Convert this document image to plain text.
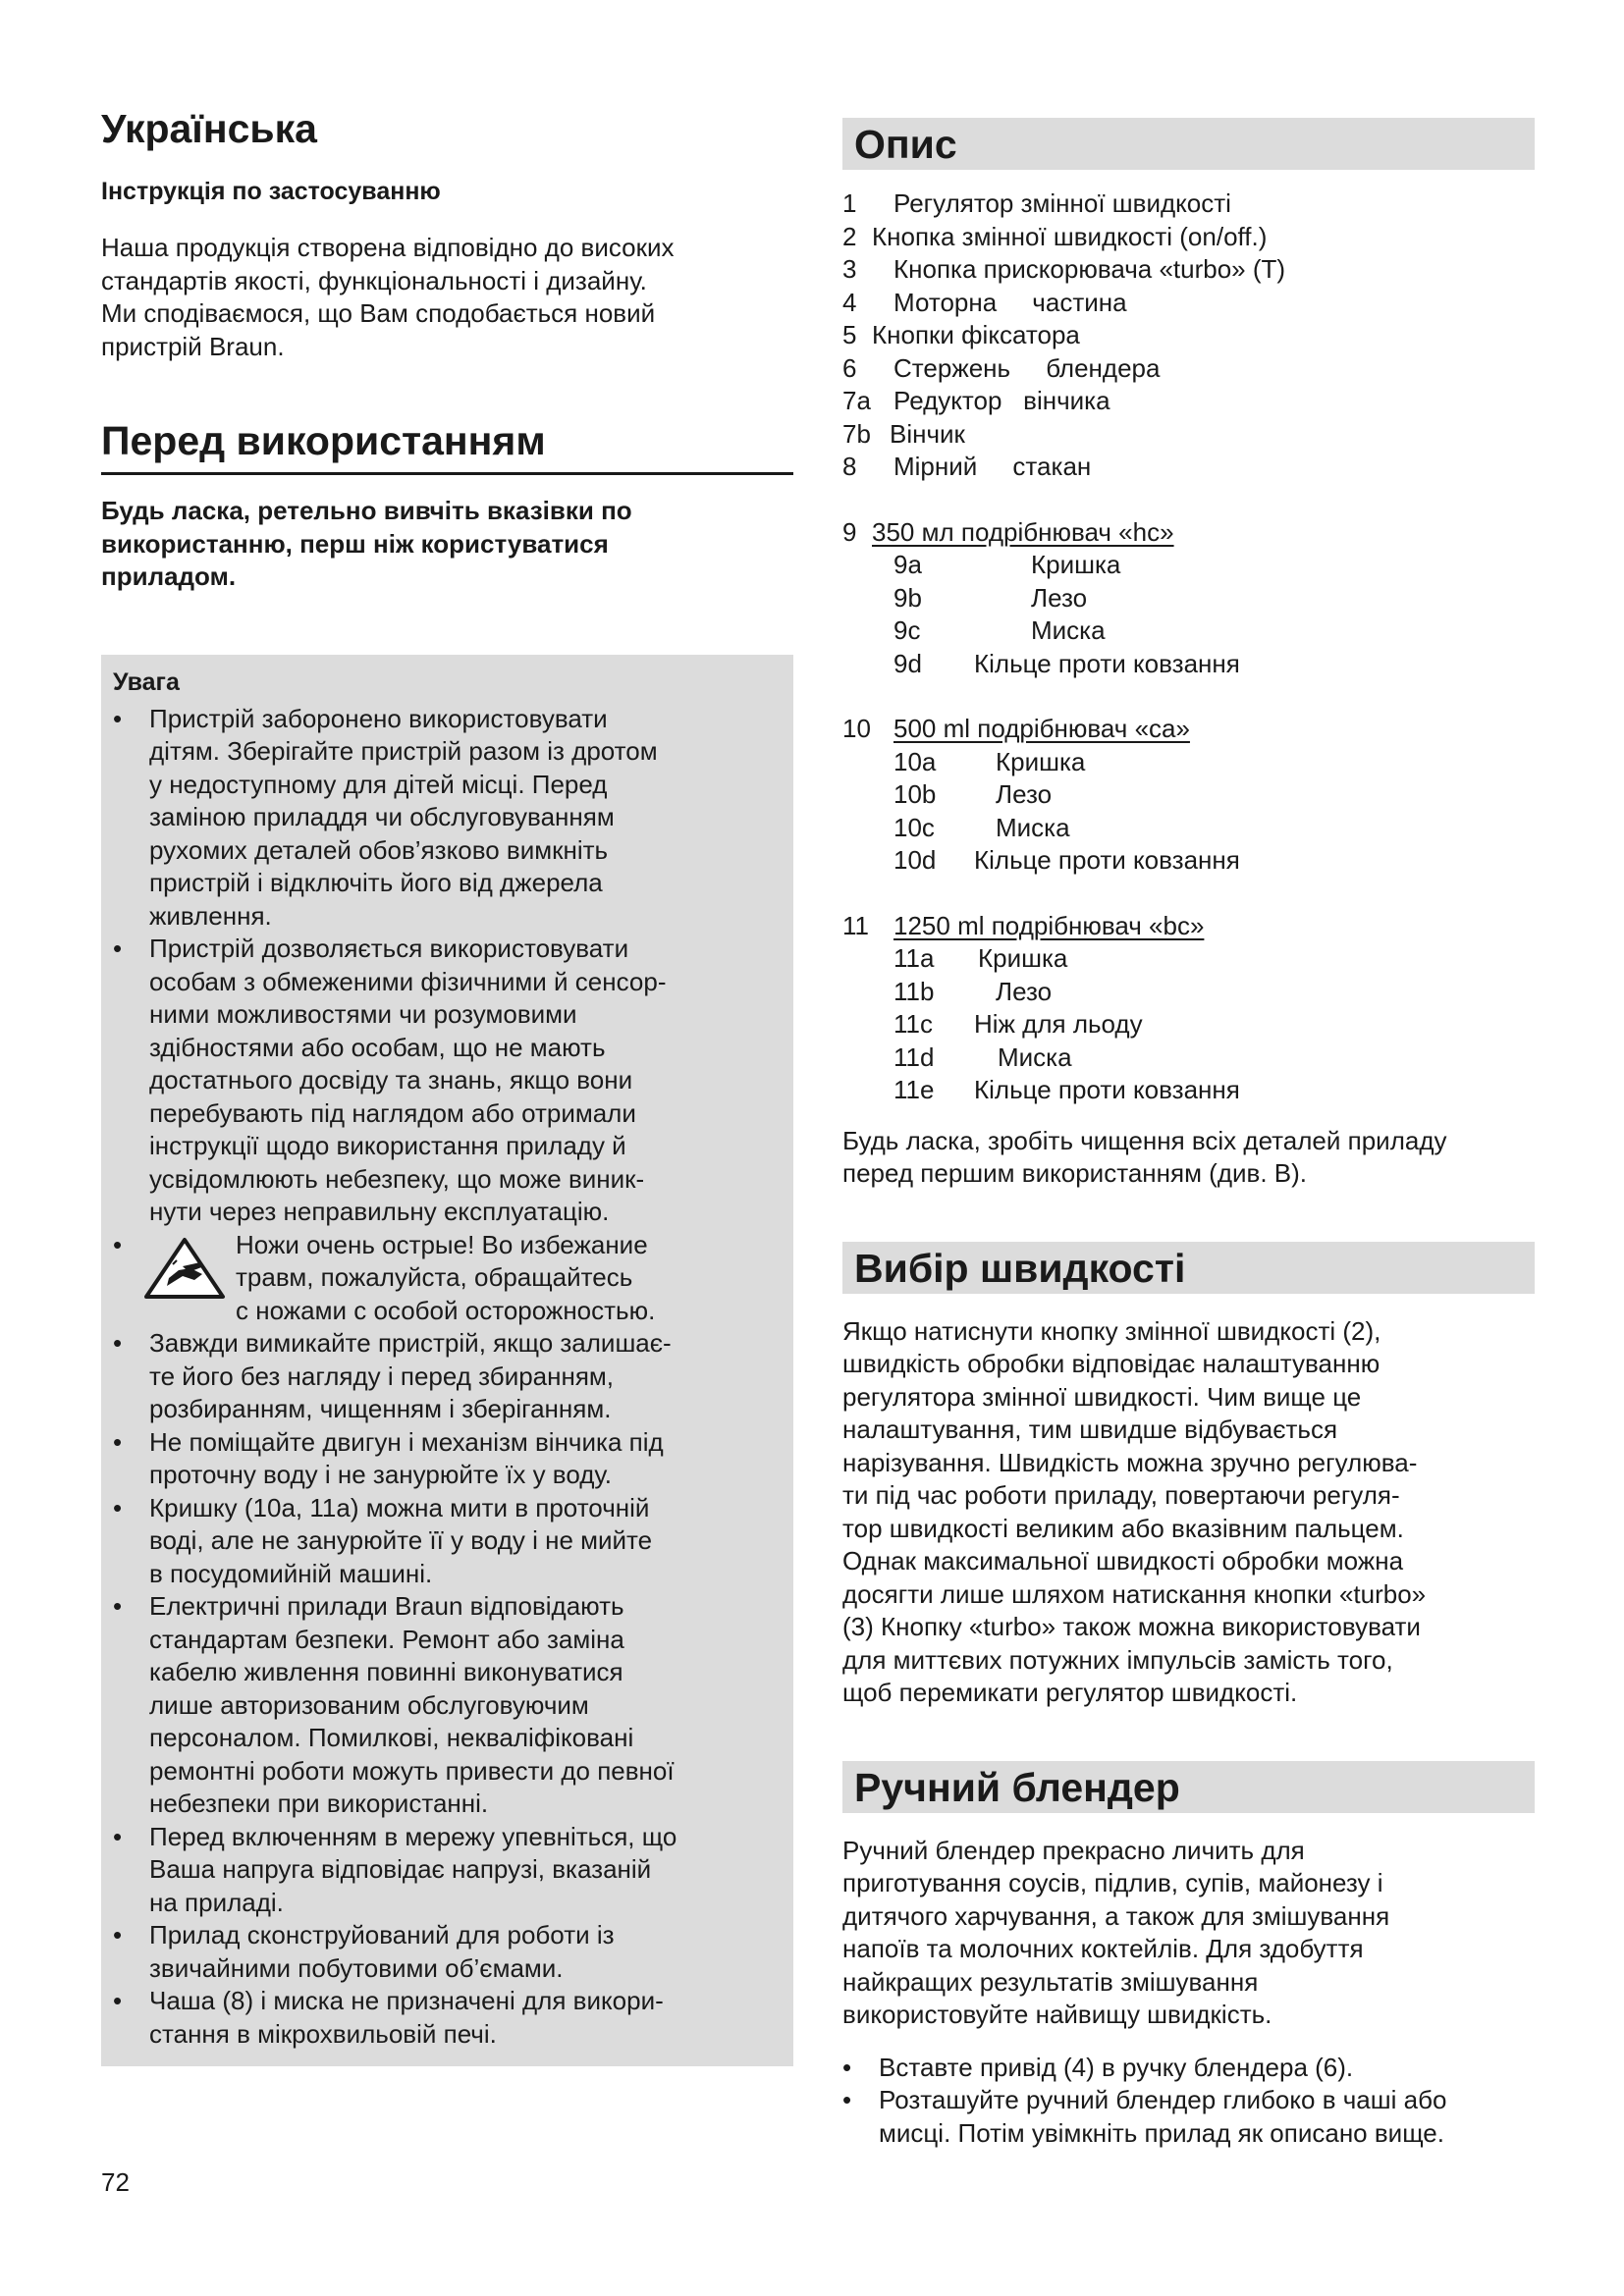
Українська
Інструкція по застосуванню
Наша продукція створена відповідно до високих
стандартів якості, функціональності і дизайну.
Ми сподіваємося, що Вам сподобається новий
пристрій Braun.
Перед використанням
Будь ласка, ретельно вивчіть вказівки по
використанню, перш ніж користуватися
приладом.
Увага
• Пристрій заборонено використовувати
дітям. Зберігайте пристрій разом із дротом
у недоступному для дітей місці. Перед
заміною приладдя чи обслуговуванням
рухомих деталей обов’язково вимкніть
пристрій і відключіть його від джерела
живлення.
• Пристрій дозволяється використовувати
особам з обмеженими фізичними й сенсор-
ними можливостями чи розумовими
здібностями або особам, що не мають
достатнього досвіду та знань, якщо вони
перебувають під наглядом або отримали
інструкції щодо використання приладу й
усвідомлюють небезпеку, що може виник-
нути через неправильну експлуатацію.
•	Ножи очень острые! Во избежание
травм, пожалуйста, обращайтесь
с ножами с особой осторожностью.
• Завжди вимикайте пристрій, якщо залишає-
те його без нагляду і перед збиранням,
розбиранням, чищенням і зберіганням.
• Не поміщайте двигун і механізм вінчика під
проточну воду і не занурюйте їх у воду.
• Кришку (10a, 11a) можна мити в проточній
воді, але не занурюйте її у воду і не мийте
в посудомийній машині.
• Електричні прилади Braun відповідають
стандартам безпеки. Ремонт або заміна
кабелю живлення повинні виконуватися
лише авторизованим обслуговуючим
персоналом. Помилкові, некваліфіковані
ремонтні роботи можуть привести до певної
небезпеки при використанні.
• Перед включенням в мережу упевніться, що
Ваша напруга відповідає напрузі, вказаній
на приладі.
• Прилад сконструйований для роботи із
звичайними побутовими об’ємами.
• Чаша (8) і миска не призначені для викори-
стання в мікрохвильовій печі.
Опис
1	Регулятор змінної швидкості
2 Кнопка змінної швидкості (on/off.)
3	Кнопка прискорювача «turbo» (T)
4	Моторна     частина
5 Кнопки фіксатора
6	Стержень     блендера
7a Редуктор   вінчика
7b Вінчик
8	Мірний     стакан
9 350 мл подрібнювач «hc»
9a	Кришка
9b	Лезо
9c	Миска
9d	Кільце проти ковзання
10 500 ml подрібнювач «ca»
10a	Кришка
10b	Лезо
10c	Миска
10d	Кільце проти ковзання
11 1250 ml подрібнювач «bc»
11a	Кришка
11b	Лезо
11c	Ніж для льоду
11d	Миска
11e	Кільце проти ковзання
Будь ласка, зробіть чищення всіх деталей приладу
перед першим використанням (див. B).
Вибір швидкості
Якщо натиснути кнопку змінної швидкості (2),
швидкість обробки відповідає налаштуванню
регулятора змінної швидкості. Чим вище це
налаштування, тим швидше відбувається
нарізування. Швидкість можна зручно регулюва-
ти під час роботи приладу, повертаючи регуля-
тор швидкості великим або вказівним пальцем.
Однак максимальної швидкості обробки можна
досягти лише шляхом натискання кнопки «turbo»
(3) Кнопку «turbo» також можна використовувати
для миттєвих потужних імпульсів замість того,
щоб перемикати регулятор швидкості.
Ручний блендер
Ручний блендер прекрасно личить для
приготування соусів, підлив, супів, майонезу і
дитячого харчування, а також для змішування
напоїв та молочних коктейлів. Для здобуття
найкращих результатів змішування
використовуйте найвищу швидкість.
• Вставте привід (4) в ручку блендера (6).
• Розташуйте ручний блендер глибоко в чаші або
мисці. Потім увімкніть прилад як описано вище.
72
